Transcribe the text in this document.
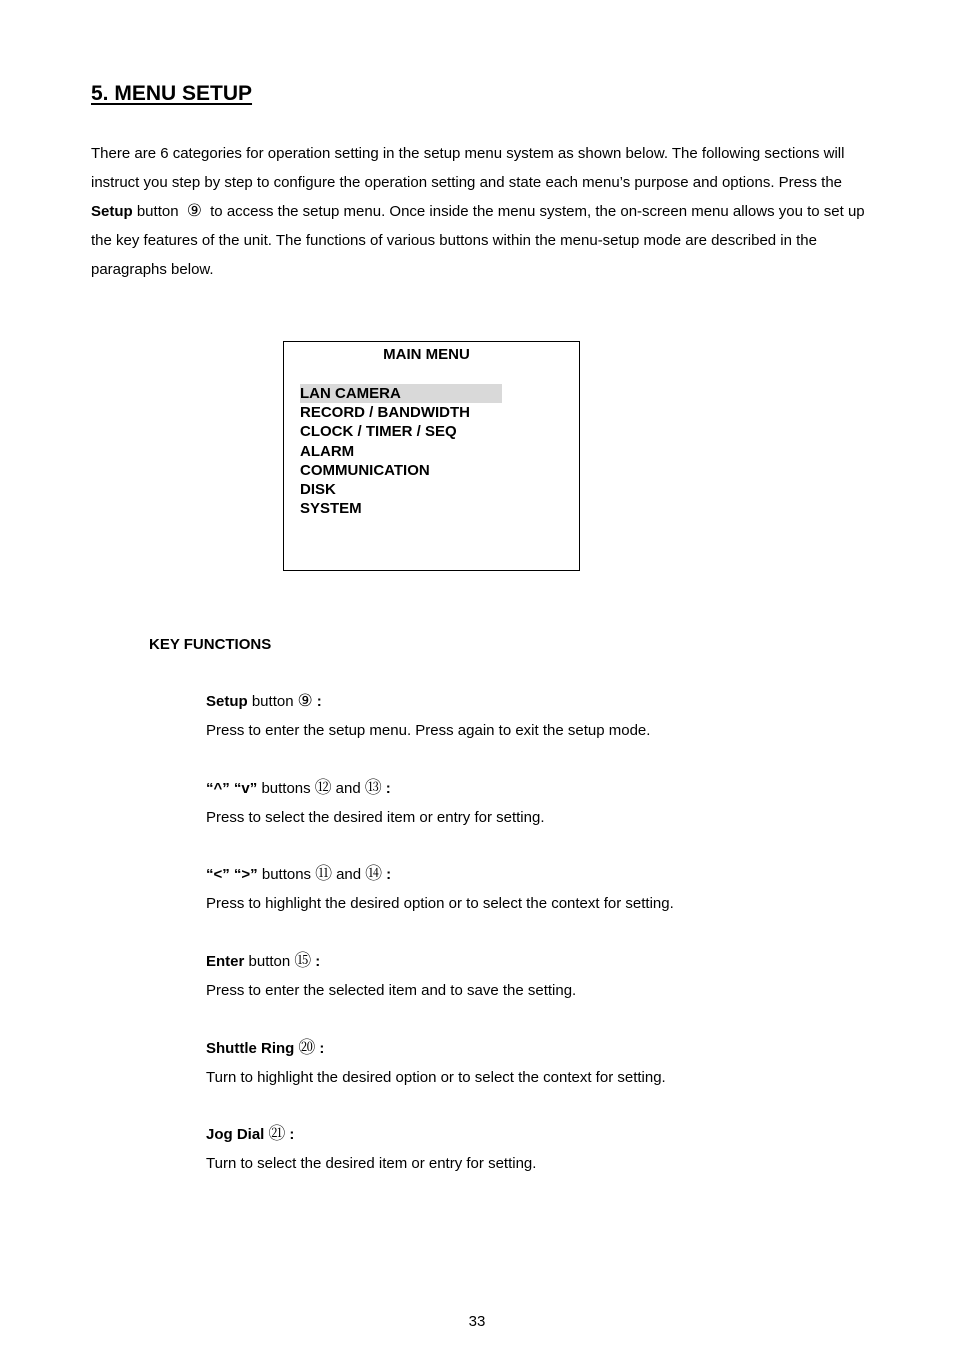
5. MENU SETUP
There are 6 categories for operation setting in the setup menu system as shown below. The following sections will instruct you step by step to configure the operation setting and state each menu’s purpose and options. Press the Setup button ⑨ to access the setup menu. Once inside the menu system, the on-screen menu allows you to set up the key features of the unit. The functions of various buttons within the menu-setup mode are described in the paragraphs below.
MAIN MENU
LAN CAMERA
RECORD / BANDWIDTH
CLOCK / TIMER / SEQ
ALARM
COMMUNICATION
DISK
SYSTEM
KEY FUNCTIONS
Setup button ⑨ :
Press to enter the setup menu. Press again to exit the setup mode.
“^” “v” buttons ⑫ and ⑬ :
Press to select the desired item or entry for setting.
“<” “>” buttons ⑪ and ⑭ :
Press to highlight the desired option or to select the context for setting.
Enter button ⑮ :
Press to enter the selected item and to save the setting.
Shuttle Ring ⑳ :
Turn to highlight the desired option or to select the context for setting.
Jog Dial ㉑ :
Turn to select the desired item or entry for setting.
33
